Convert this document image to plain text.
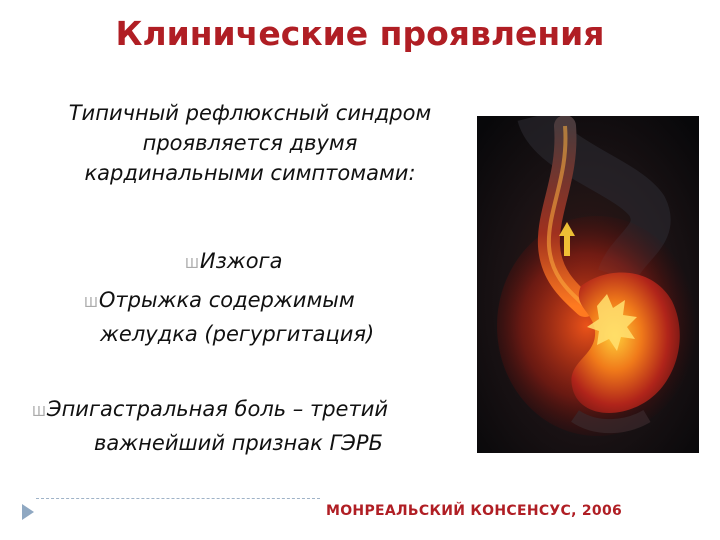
Клинические проявления
Типичный рефлюксный синдром
проявляется двумя
кардинальными симптомами:
ШИзжога
ШОтрыжка содержимым
желудка (регургитация)
ШЭпигастральная боль – третий
важнейший признак ГЭРБ
МОНРЕАЛЬСКИЙ КОНСЕНСУС, 2006
